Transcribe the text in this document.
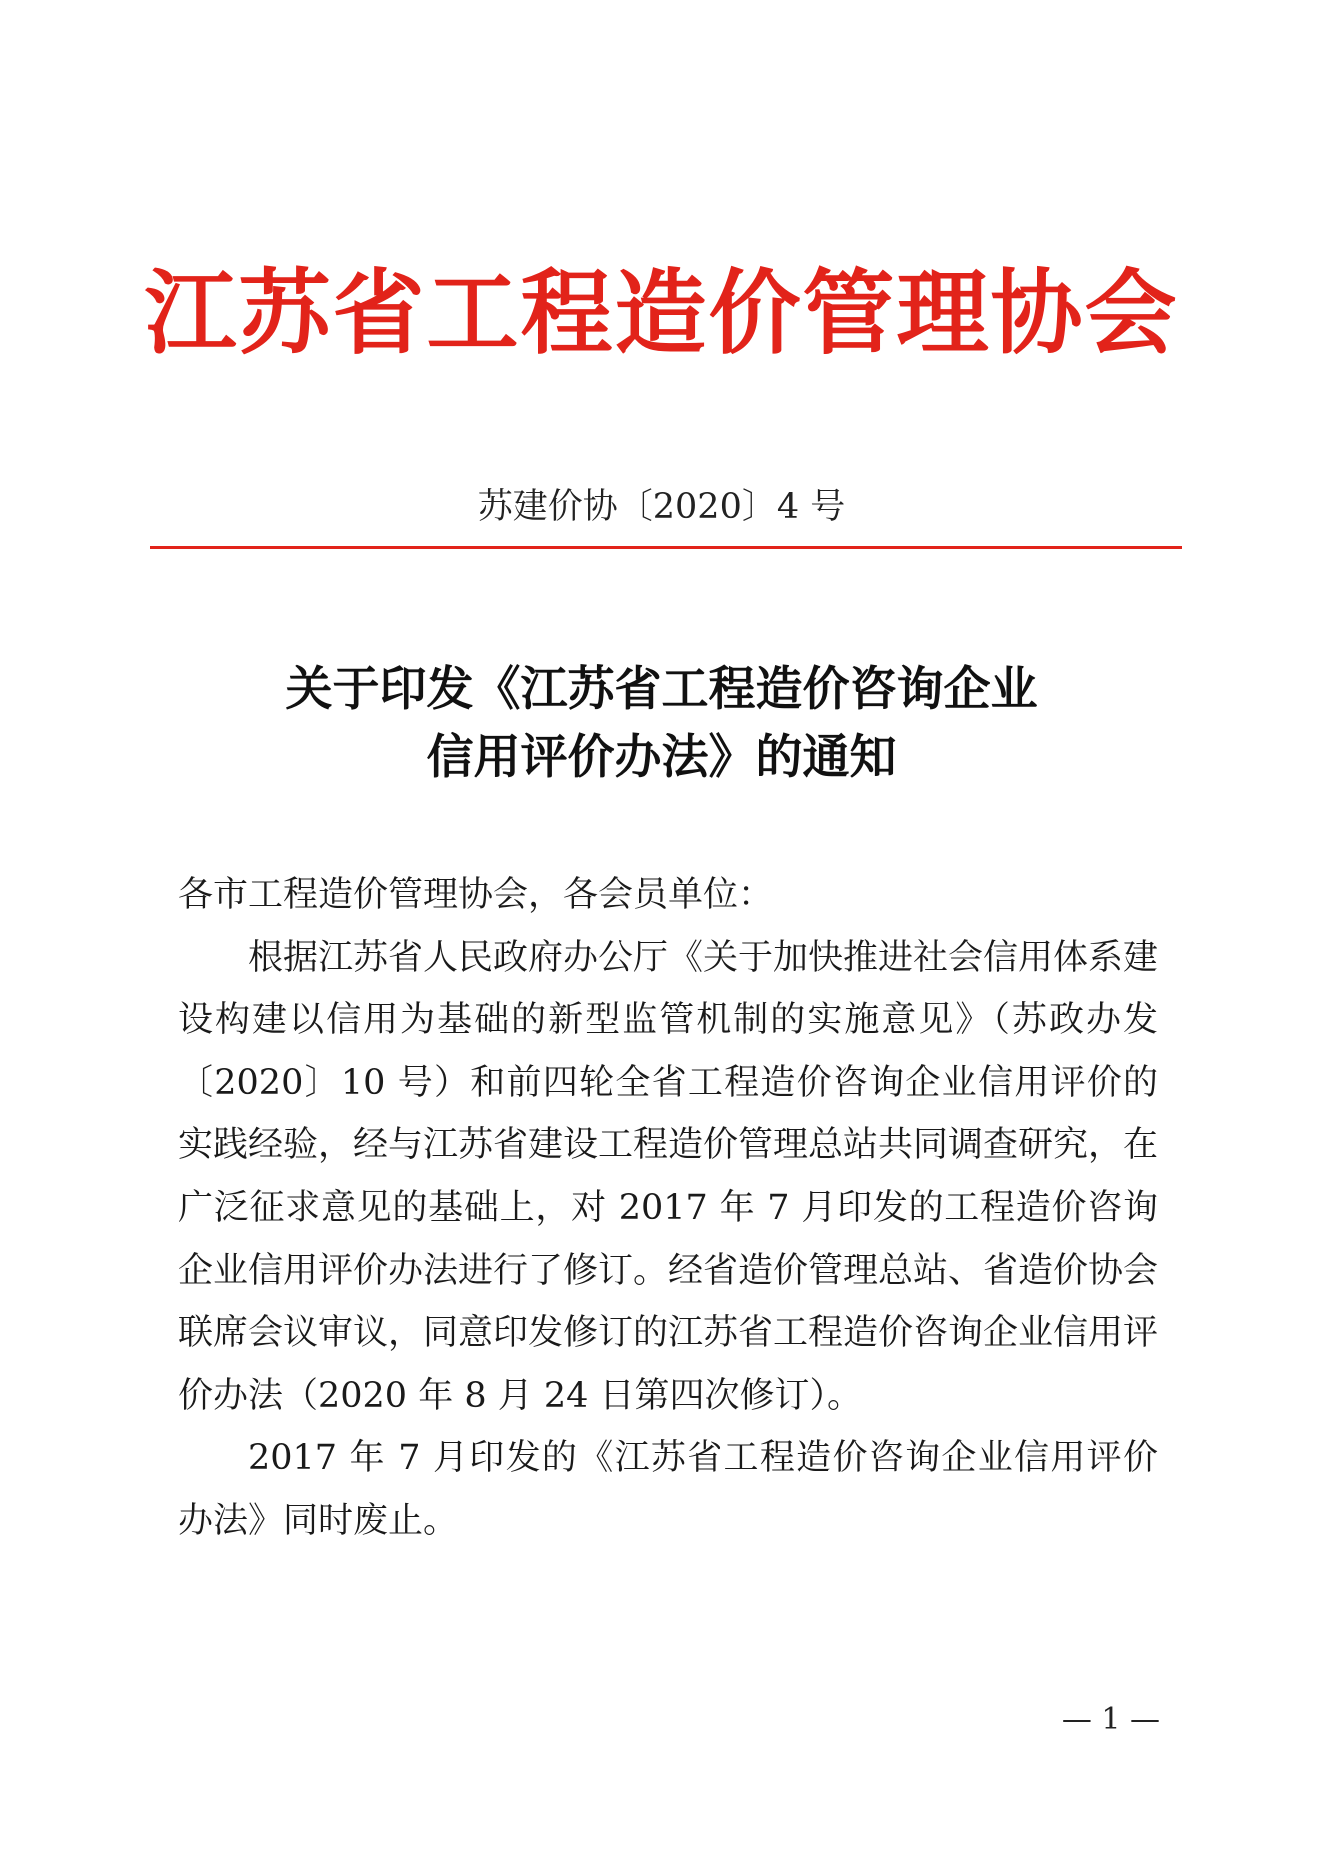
江苏省工程造价管理协会
苏建价协〔2020〕4 号
关于印发《江苏省工程造价咨询企业
信用评价办法》的通知

各市工程造价管理协会，各会员单位：

根据江苏省人民政府办公厅《关于加快推进社会信用体系建设构建以信用为基础的新型监管机制的实施意见》（苏政办发〔2020〕10 号）和前四轮全省工程造价咨询企业信用评价的实践经验，经与江苏省建设工程造价管理总站共同调查研究，在广泛征求意见的基础上，对 2017 年 7 月印发的工程造价咨询企业信用评价办法进行了修订。经省造价管理总站、省造价协会联席会议审议，同意印发修订的江苏省工程造价咨询企业信用评价办法（2020 年 8 月 24 日第四次修订）。

2017 年 7 月印发的《江苏省工程造价咨询企业信用评价办法》同时废止。

— 1 —
